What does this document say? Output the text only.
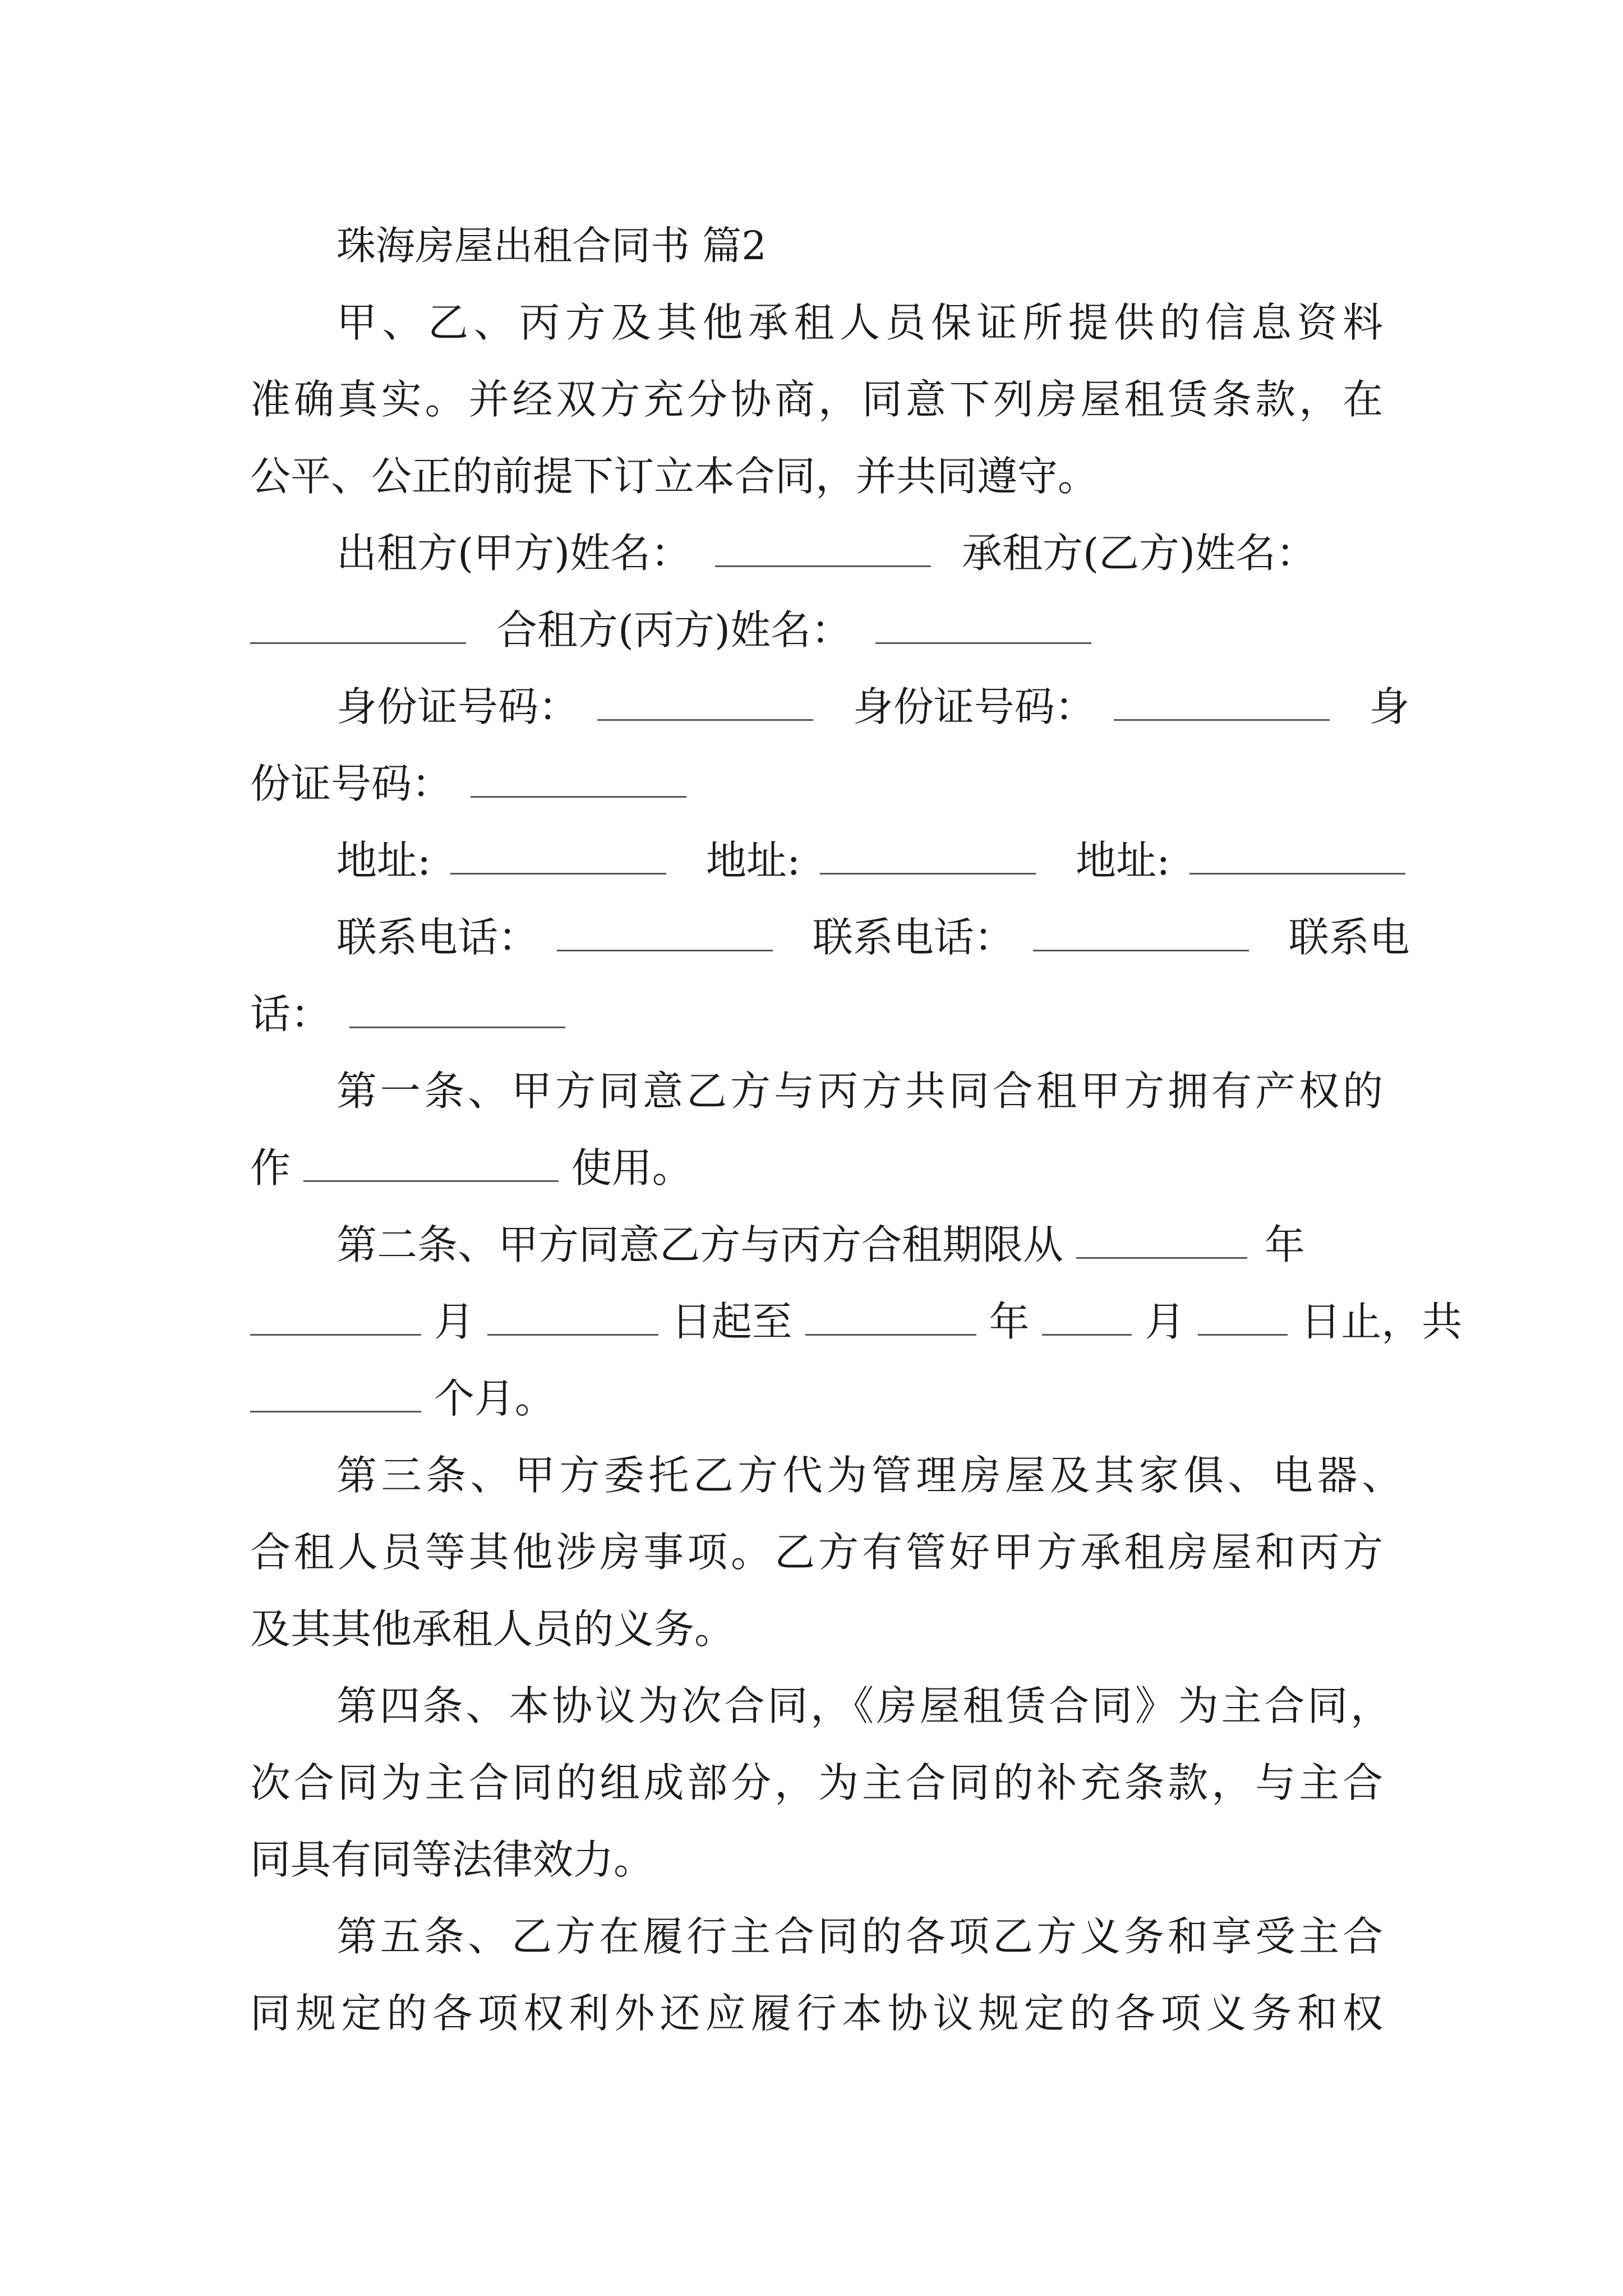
珠海房屋出租合同书 篇2
甲、乙、丙方及其他承租人员保证所提供的信息资料
准确真实。并经双方充分协商，同意下列房屋租赁条款，在
公平、公正的前提下订立本合同，并共同遵守。
出租方(甲方)姓名：	承租方(乙方)姓名：
合租方(丙方)姓名：
身份证号码：	身份证号码：	身
份证号码：
地址:	地址:	地址:
联系电话：	联系电话：	联系电
话：
第一条、甲方同意乙方与丙方共同合租甲方拥有产权的
作	使用。
第二条、甲方同意乙方与丙方合租期限从	年
月	日起至	年	月	日止，共
个月。
第三条、甲方委托乙方代为管理房屋及其家俱、电器、
合租人员等其他涉房事项。乙方有管好甲方承租房屋和丙方
及其其他承租人员的义务。
第四条、本协议为次合同，《房屋租赁合同》为主合同，
次合同为主合同的组成部分，为主合同的补充条款，与主合
同具有同等法律效力。
第五条、乙方在履行主合同的各项乙方义务和享受主合
同规定的各项权利外还应履行本协议规定的各项义务和权
